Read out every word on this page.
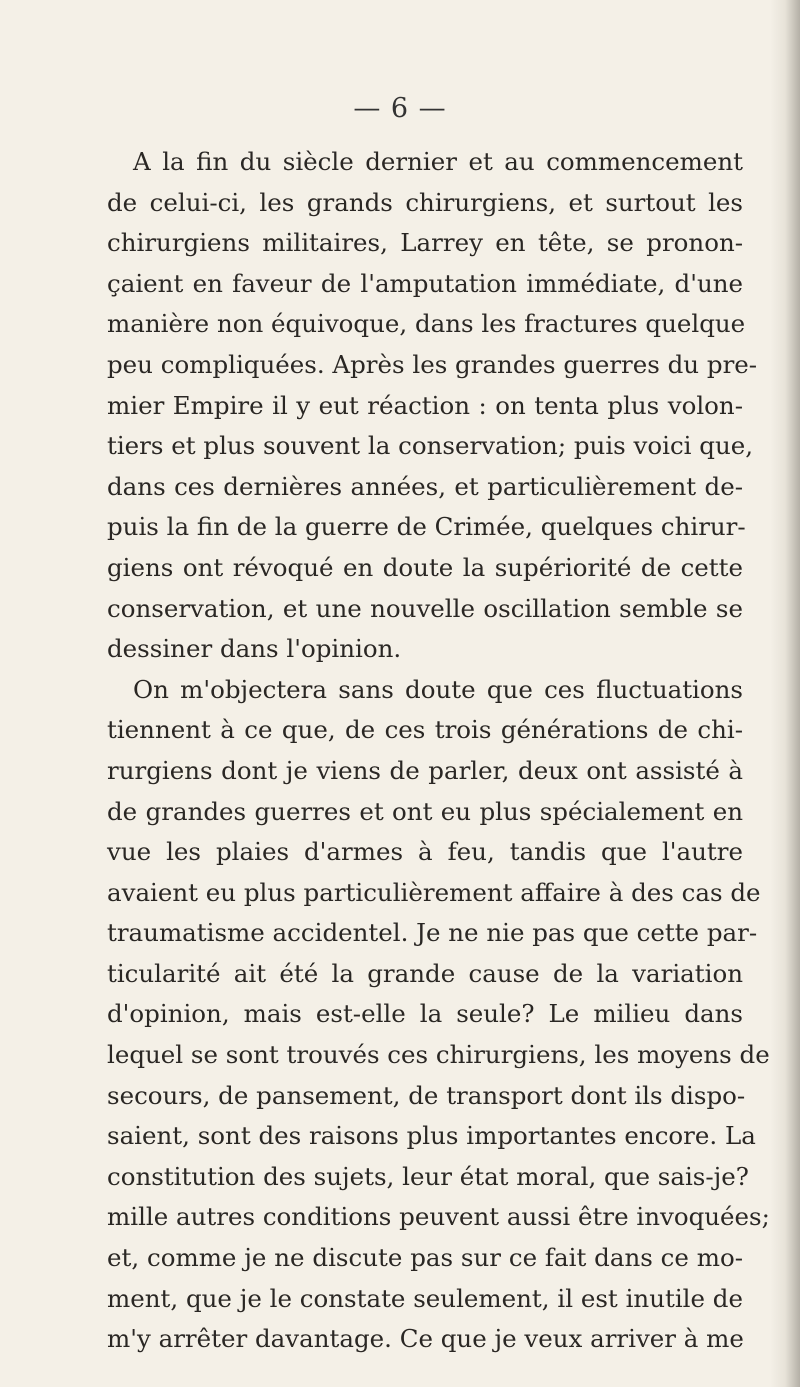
— 6 —
A la fin du siècle dernier et au commencement
de celui-ci, les grands chirurgiens, et surtout les
chirurgiens militaires, Larrey en tête, se pronon-
çaient en faveur de l'amputation immédiate, d'une
manière non équivoque, dans les fractures quelque
peu compliquées. Après les grandes guerres du pre-
mier Empire il y eut réaction : on tenta plus volon-
tiers et plus souvent la conservation; puis voici que,
dans ces dernières années, et particulièrement de-
puis la fin de la guerre de Crimée, quelques chirur-
giens ont révoqué en doute la supériorité de cette
conservation, et une nouvelle oscillation semble se
dessiner dans l'opinion.
On m'objectera sans doute que ces fluctuations
tiennent à ce que, de ces trois générations de chi-
rurgiens dont je viens de parler, deux ont assisté à
de grandes guerres et ont eu plus spécialement en
vue les plaies d'armes à feu, tandis que l'autre
avaient eu plus particulièrement affaire à des cas de
traumatisme accidentel. Je ne nie pas que cette par-
ticularité ait été la grande cause de la variation
d'opinion, mais est-elle la seule? Le milieu dans
lequel se sont trouvés ces chirurgiens, les moyens de
secours, de pansement, de transport dont ils dispo-
saient, sont des raisons plus importantes encore. La
constitution des sujets, leur état moral, que sais-je?
mille autres conditions peuvent aussi être invoquées;
et, comme je ne discute pas sur ce fait dans ce mo-
ment, que je le constate seulement, il est inutile de
m'y arrêter davantage. Ce que je veux arriver à me
